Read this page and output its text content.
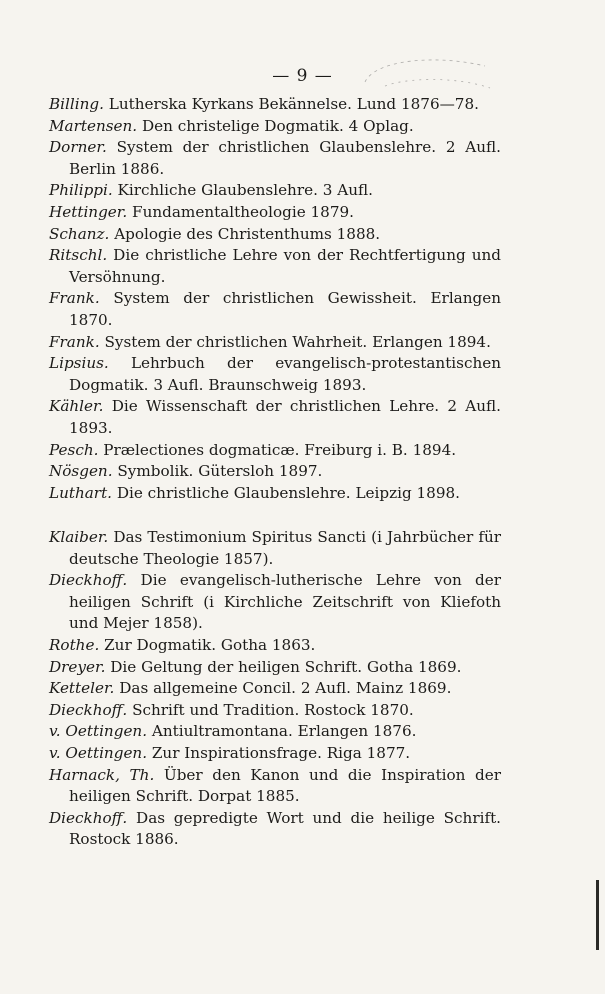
— 9 —
Billing. Lutherska Kyrkans Bekännelse. Lund 1876—78.
Martensen. Den christelige Dogmatik. 4 Oplag.
Dorner. System der christlichen Glaubenslehre. 2 Aufl. Berlin 1886.
Philippi. Kirchliche Glaubenslehre. 3 Aufl.
Hettinger. Fundamentaltheologie 1879.
Schanz. Apologie des Christenthums 1888.
Ritschl. Die christliche Lehre von der Rechtfertigung und Versöhnung.
Frank. System der christlichen Gewissheit. Erlangen 1870.
Frank. System der christlichen Wahrheit. Erlangen 1894.
Lipsius. Lehrbuch der evangelisch-protestantischen Dogmatik. 3 Aufl. Braunschweig 1893.
Kähler. Die Wissenschaft der christlichen Lehre. 2 Aufl. 1893.
Pesch. Prælectiones dogmaticæ. Freiburg i. B. 1894.
Nösgen. Symbolik. Gütersloh 1897.
Luthart. Die christliche Glaubenslehre. Leipzig 1898.
Klaiber. Das Testimonium Spiritus Sancti (i Jahrbücher für deutsche Theologie 1857).
Dieckhoff. Die evangelisch-lutherische Lehre von der heiligen Schrift (i Kirchliche Zeitschrift von Kliefoth und Mejer 1858).
Rothe. Zur Dogmatik. Gotha 1863.
Dreyer. Die Geltung der heiligen Schrift. Gotha 1869.
Ketteler. Das allgemeine Concil. 2 Aufl. Mainz 1869.
Dieckhoff. Schrift und Tradition. Rostock 1870.
v. Oettingen. Antiultramontana. Erlangen 1876.
v. Oettingen. Zur Inspirationsfrage. Riga 1877.
Harnack, Th. Über den Kanon und die Inspiration der heiligen Schrift. Dorpat 1885.
Dieckhoff. Das gepredigte Wort und die heilige Schrift. Rostock 1886.
